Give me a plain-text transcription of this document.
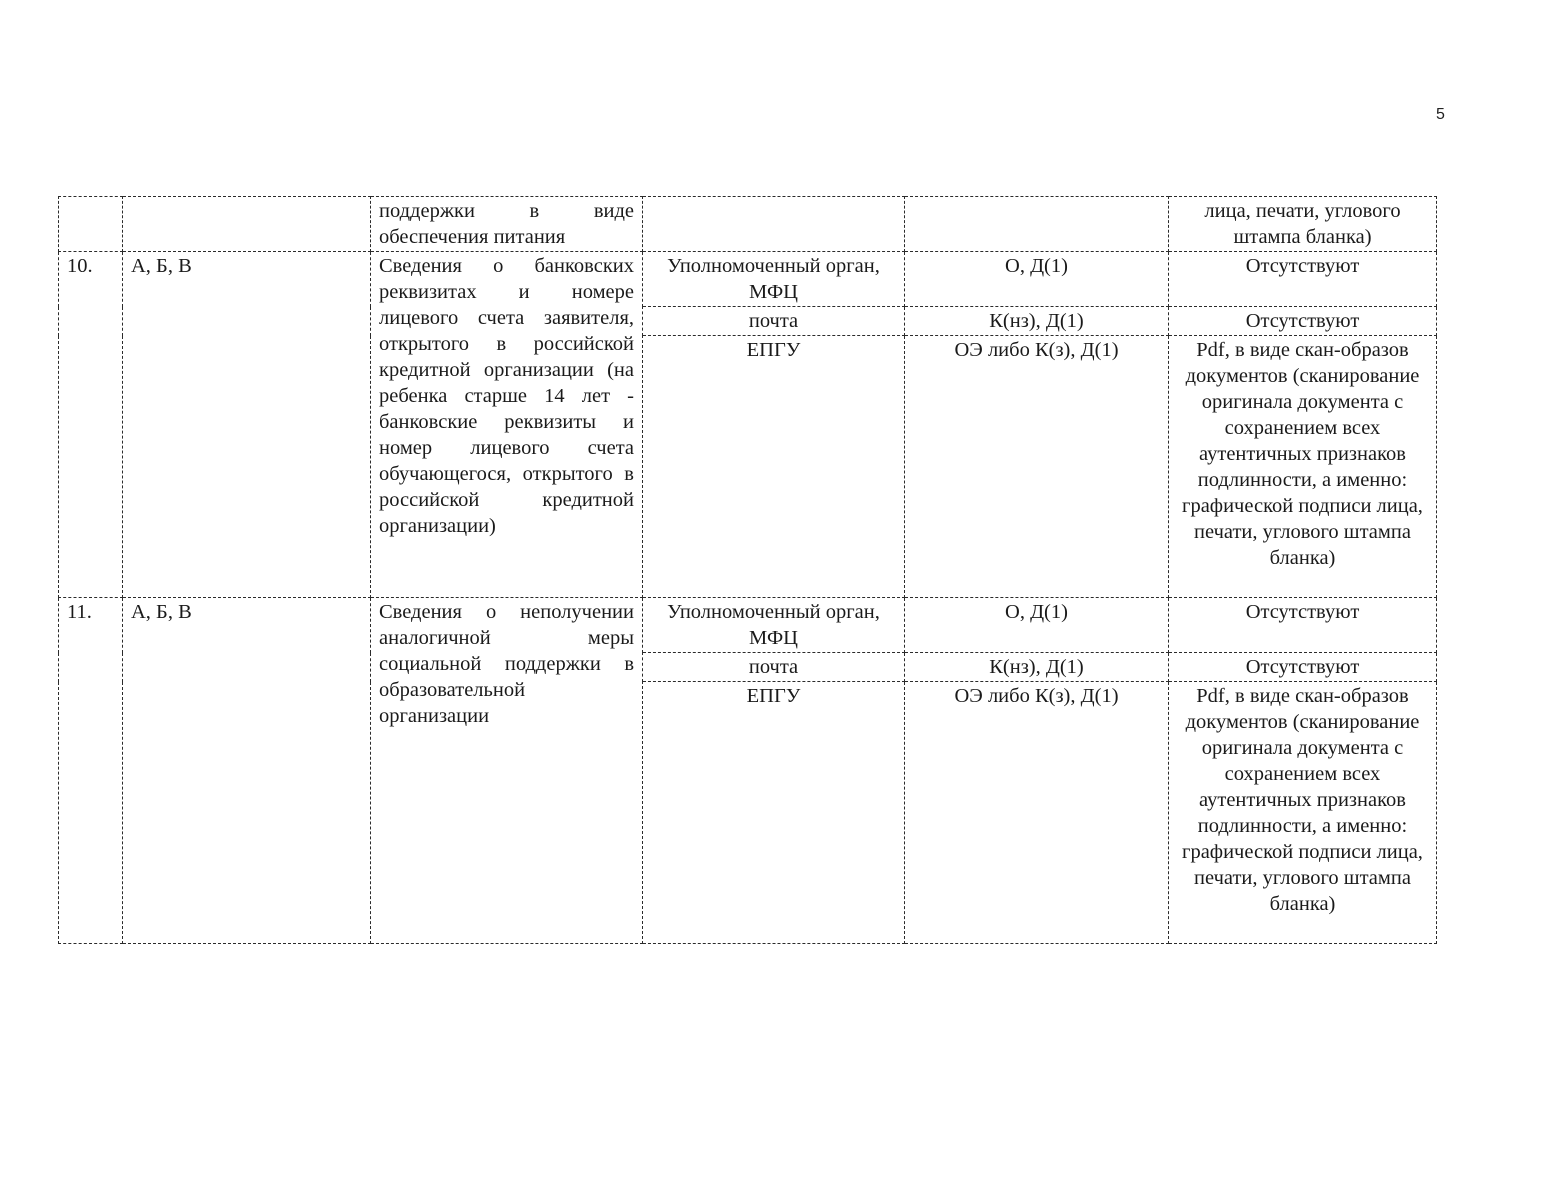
5
		поддержки в виде обеспечения питания			лица, печати, углового штампа бланка)
10.	А, Б, В	Сведения о банковских реквизитах и номере лицевого счета заявителя, открытого в российской кредитной организации (на ребенка старше 14 лет - банковские реквизиты и номер лицевого счета обучающегося, открытого в российской кредитной организации)	Уполномоченный орган, МФЦ	О, Д(1)	Отсутствуют
			почта	К(нз), Д(1)	Отсутствуют
			ЕПГУ	ОЭ либо К(з), Д(1)	Pdf, в виде скан-образов документов (сканирование оригинала документа с сохранением всех аутентичных признаков подлинности, а именно: графической подписи лица, печати, углового штампа бланка)
11.	А, Б, В	Сведения о неполучении аналогичной меры социальной поддержки в образовательной организации	Уполномоченный орган, МФЦ	О, Д(1)	Отсутствуют
			почта	К(нз), Д(1)	Отсутствуют
			ЕПГУ	ОЭ либо К(з), Д(1)	Pdf, в виде скан-образов документов (сканирование оригинала документа с сохранением всех аутентичных признаков подлинности, а именно: графической подписи лица, печати, углового штампа бланка)
